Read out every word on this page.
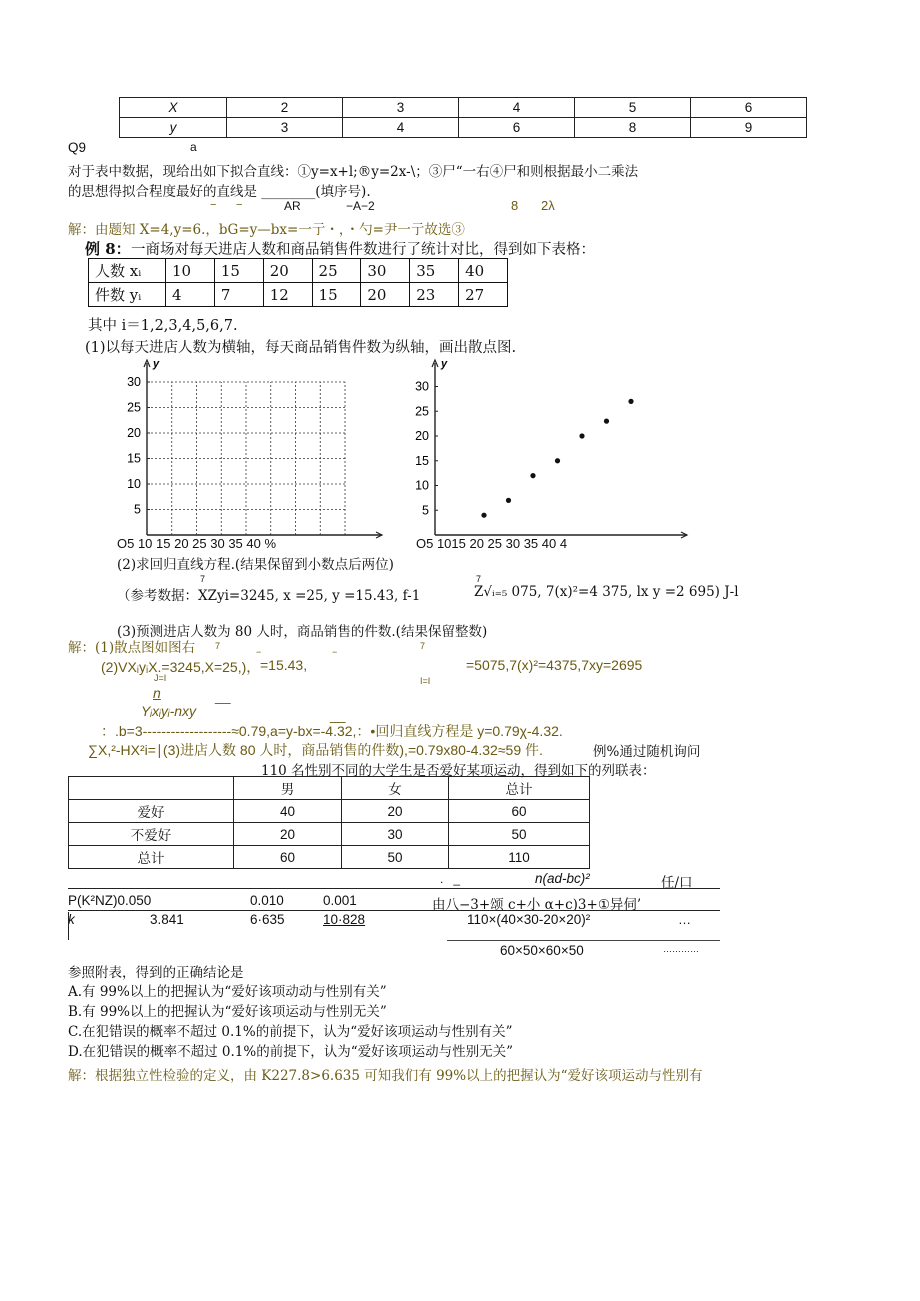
X	2	3	4	5	6
y	3	4	6	8	9
Q9	a
对于表中数据，现给出如下拟合直线：①y=x+l;®y=2x-\；③尸“一右④尸和则根据最小二乘法
的思想得拟合程度最好的直线是 ________(填序号).
− −	AR	−A−2	8 2λ
解：由题知 X=4,y=6.，bG=y—bx=一亍・，・勺=尹一亍故选③
例 8： 一商场对每天进店人数和商品销售件数进行了统计对比，得到如下表格：
人数 xᵢ	10	15	20	25	30	35	40
件数 yᵢ	4	7	12	15	20	23	27
其中 i＝1,2,3,4,5,6,7.
(1)以每天进店人数为横轴，每天商品销售件数为纵轴，画出散点图.
y
5
10
15
20
25
30
y
5
10
15
20
25
30
O5 10 15 20 25 30 35 40 %	O5 1015 20 25 30 35 40 4
(2)求回归直线方程.(结果保留到小数点后两位)
7
（参考数据：XZyi=3245, x =25, y =15.43, f-1
7
Z√ᵢ₌₅ 075, 7(x)²=4 375, lx y =2 695) J-l
(3)预测进店人数为 80 人时，商品销售的件数.(结果保留整数)
解：(1)散点图如图右 7
−	−
7
(2)VXᵢyᵢX.=3245,X=25,)， =15.43,	=5075,7(x)²=4375,7xy=2695
J=I	I=I
n	__
Yᵢxᵢyᵢ-nxy	__
：.b=3-------------------≈0.79,a=y-bx=-4.32,：•回归直线方程是 y=0.79χ-4.32.
∑X,²-HX²i=∣(3)进店人数 80 人时，商品销售的件数),=0.79x80-4.32≈59 件.	例%通过随机询问
110 名性别不同的大学生是否爱好某项运动，得到如下的列联表：
	男	女	总计
爱好	40	20	60
不爱好	20	30	50
总计	60	50	110
.   _	n(ad-bc)²	任/口
P(K²NZ)0.050	0.010	0.001	由八−3+颂 c+小 α+c)3+①异伺’
k	3.841	6·635	10·828	110×(40×30-20×20)²	…
60×50×60×50	…………
参照附表，得到的正确结论是
A.有 99%以上的把握认为“爱好该项动动与性别有关”
B.有 99%以上的把握认为“爱好该项运动与性别无关”
C.在犯错误的概率不超过 0.1%的前提下，认为“爱好该项运动与性别有关”
D.在犯错误的概率不超过 0.1%的前提下，认为“爱好该项运动与性别无关”
解：根据独立性检验的定义，由 K227.8>6.635 可知我们有 99%以上的把握认为“爱好该项运动与性别有
